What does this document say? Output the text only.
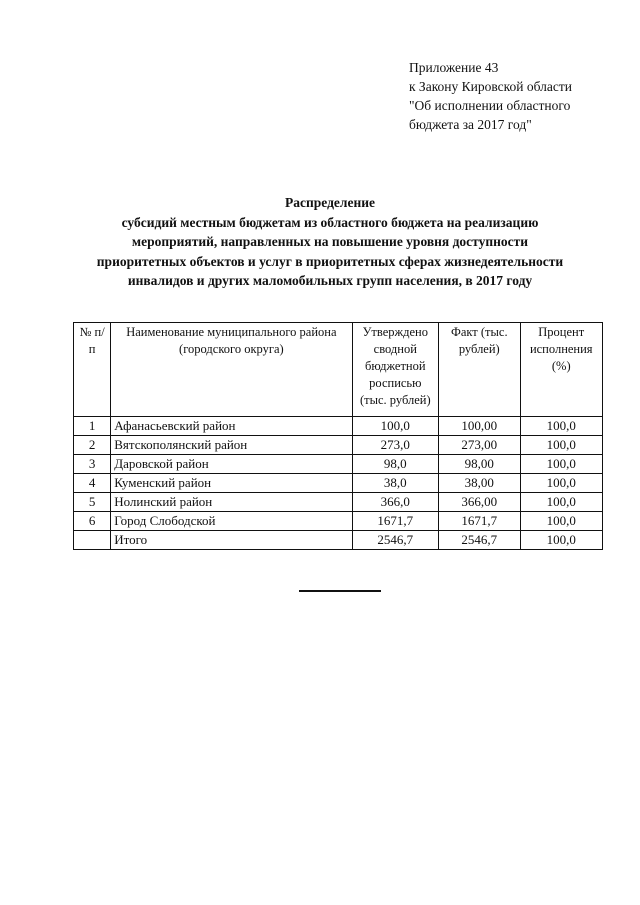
Приложение 43
к Закону Кировской области
"Об исполнении областного
бюджета за 2017 год"
Распределение
субсидий местным бюджетам из областного бюджета на реализацию
мероприятий, направленных на повышение уровня доступности
приоритетных объектов и услуг в приоритетных сферах жизнедеятельности
инвалидов и других маломобильных групп населения, в 2017 году
№ п/п	Наименование муниципального района (городского округа)	Утверждено сводной бюджетной росписью (тыс. рублей)	Факт (тыс. рублей)	Процент исполнения (%)
1	Афанасьевский район	100,0	100,00	100,0
2	Вятскополянский район	273,0	273,00	100,0
3	Даровской район	98,0	98,00	100,0
4	Куменский район	38,0	38,00	100,0
5	Нолинский район	366,0	366,00	100,0
6	Город Слободской	1671,7	1671,7	100,0
	Итого	2546,7	2546,7	100,0
